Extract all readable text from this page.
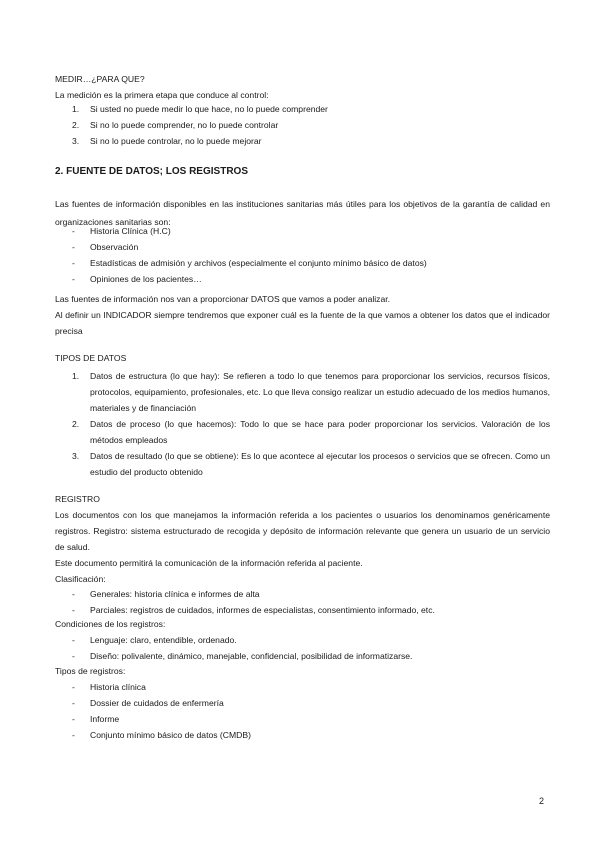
MEDIR…¿PARA QUE?

La medición es la primera etapa que conduce al control:

1. Si usted no puede medir lo que hace, no lo puede comprender
2. Si no lo puede comprender, no lo puede controlar
3. Si no lo puede controlar, no lo puede mejorar
2. FUENTE DE DATOS; LOS REGISTROS

Las fuentes de información disponibles en las instituciones sanitarias más útiles para los objetivos de la garantía de calidad en organizaciones sanitarias son:

- Historia Clínica (H.C)
- Observación
- Estadísticas de admisión y archivos (especialmente el conjunto mínimo básico de datos)
- Opiniones de los pacientes…

Las fuentes de información nos van a proporcionar DATOS que vamos a poder analizar.

Al definir un INDICADOR siempre tendremos que exponer cuál es la fuente de la que vamos a obtener los datos que el indicador precisa

TIPOS DE DATOS

1. Datos de estructura (lo que hay): Se refieren a todo lo que tenemos para proporcionar los servicios, recursos físicos, protocolos, equipamiento, profesionales, etc. Lo que lleva consigo realizar un estudio adecuado de los medios humanos, materiales y de financiación
2. Datos de proceso (lo que hacemos): Todo lo que se hace para poder proporcionar los servicios. Valoración de los métodos empleados
3. Datos de resultado (lo que se obtiene): Es lo que acontece al ejecutar los procesos o servicios que se ofrecen. Como un estudio del producto obtenido

REGISTRO

Los documentos con los que manejamos la información referida a los pacientes o usuarios los denominamos genéricamente registros. Registro: sistema estructurado de recogida y depósito de información relevante que genera un usuario de un servicio de salud.

Este documento permitirá la comunicación de la información referida al paciente.

Clasificación:

- Generales: historia clínica e informes de alta
- Parciales: registros de cuidados, informes de especialistas, consentimiento informado, etc.

Condiciones de los registros:

- Lenguaje: claro, entendible, ordenado.
- Diseño: polivalente, dinámico, manejable, confidencial, posibilidad de informatizarse.

Tipos de registros:

- Historia clínica
- Dossier de cuidados de enfermería
- Informe
- Conjunto mínimo básico de datos (CMDB)
2
